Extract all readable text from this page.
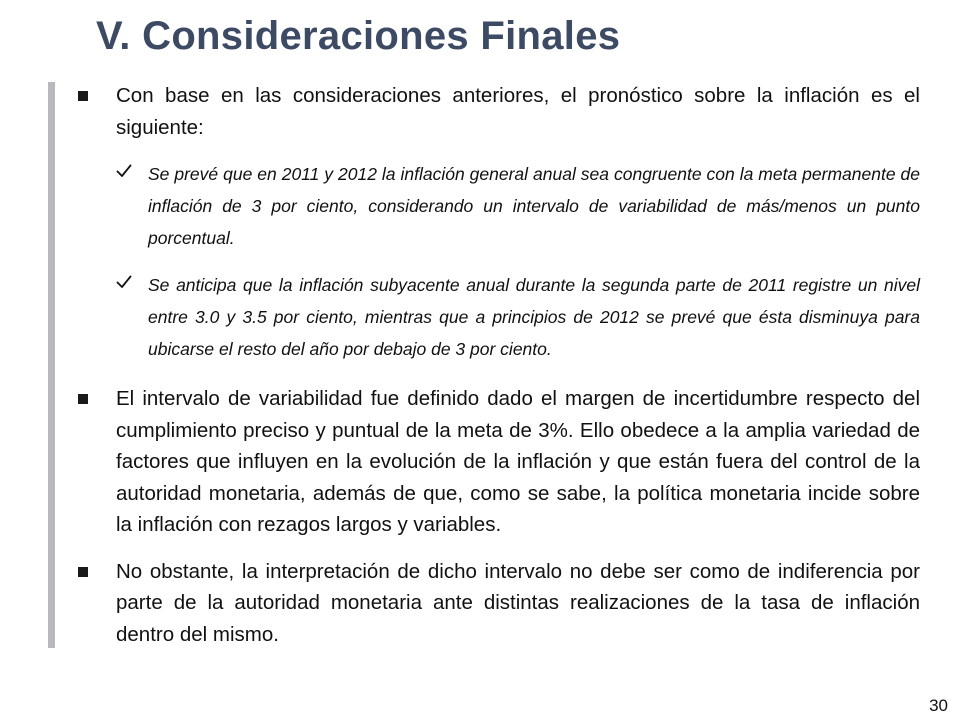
V. Consideraciones Finales
Con base en las consideraciones anteriores, el pronóstico sobre la inflación es el siguiente:
Se prevé que en 2011 y 2012 la inflación general anual sea congruente con la meta permanente de inflación de 3 por ciento, considerando un intervalo de variabilidad de más/menos un punto porcentual.
Se anticipa que la inflación subyacente anual durante la segunda parte de 2011 registre un nivel entre 3.0 y 3.5 por ciento, mientras que a principios de 2012 se prevé que ésta disminuya para ubicarse el resto del año por debajo de 3 por ciento.
El intervalo de variabilidad fue definido dado el margen de incertidumbre respecto del cumplimiento preciso y puntual de la meta de 3%. Ello obedece a la amplia variedad de factores que influyen en la evolución de la inflación y que están fuera del control de la autoridad monetaria, además de que, como se sabe, la política monetaria incide sobre la inflación con rezagos largos y variables.
No obstante, la interpretación de dicho intervalo no debe ser como de indiferencia por parte de la autoridad monetaria ante distintas realizaciones de la tasa de inflación dentro del mismo.
30
